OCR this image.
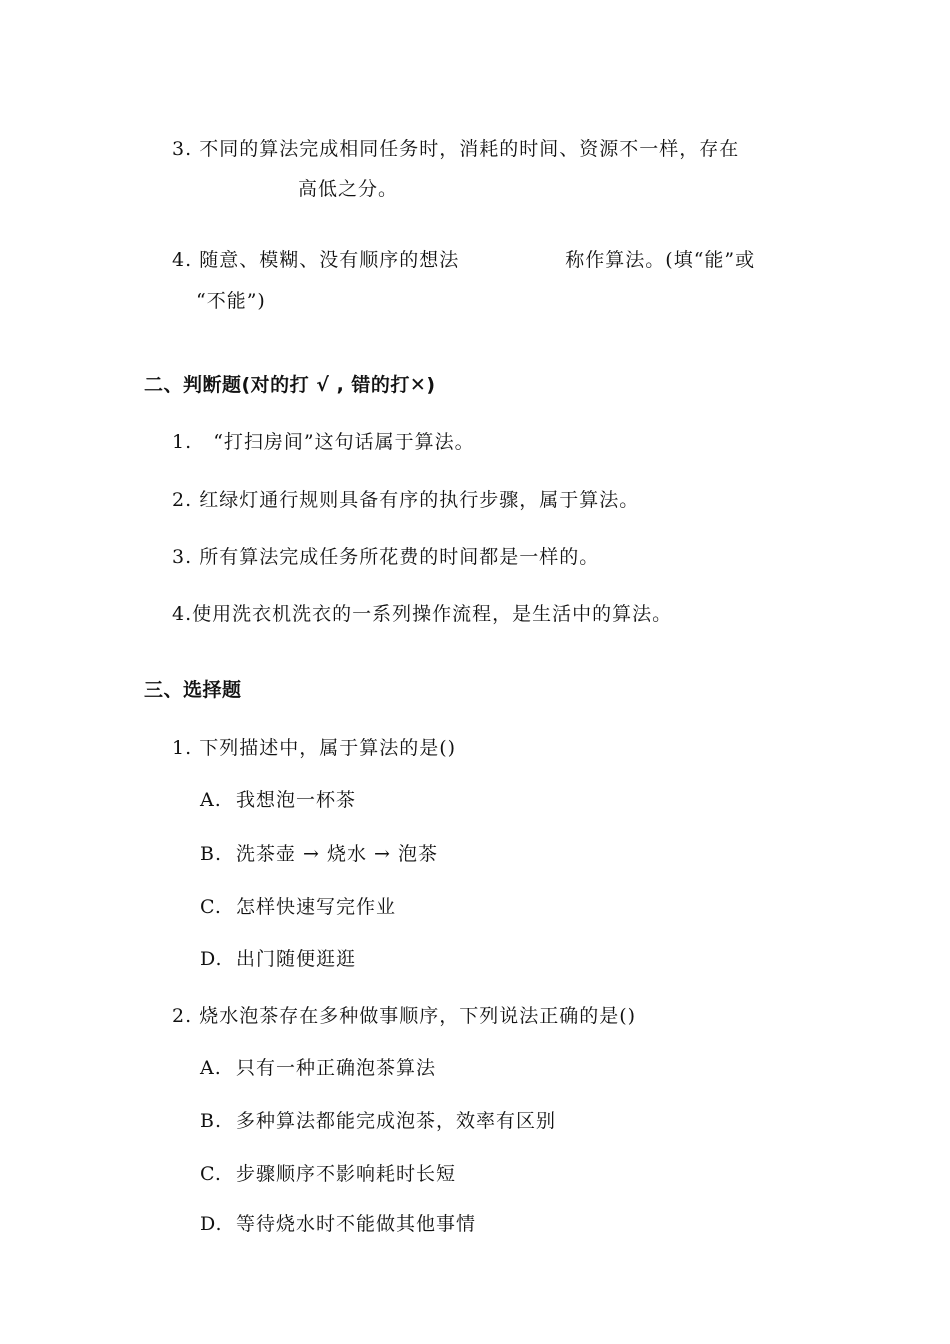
3. 不同的算法完成相同任务时，消耗的时间、资源不一样，存在
高低之分。
4. 随意、模糊、没有顺序的想法	称作算法。(填“能”或
“不能”)
二、判断题(对的打 √ , 错的打✕)
1. “打扫房间”这句话属于算法。
2. 红绿灯通行规则具备有序的执行步骤，属于算法。
3. 所有算法完成任务所花费的时间都是一样的。
4.使用洗衣机洗衣的一系列操作流程，是生活中的算法。
三、选择题
1. 下列描述中，属于算法的是()
A. 我想泡一杯茶
B. 洗茶壶 → 烧水 → 泡茶
C. 怎样快速写完作业
D. 出门随便逛逛
2. 烧水泡茶存在多种做事顺序，下列说法正确的是()
A. 只有一种正确泡茶算法
B. 多种算法都能完成泡茶，效率有区别
C. 步骤顺序不影响耗时长短
D. 等待烧水时不能做其他事情
